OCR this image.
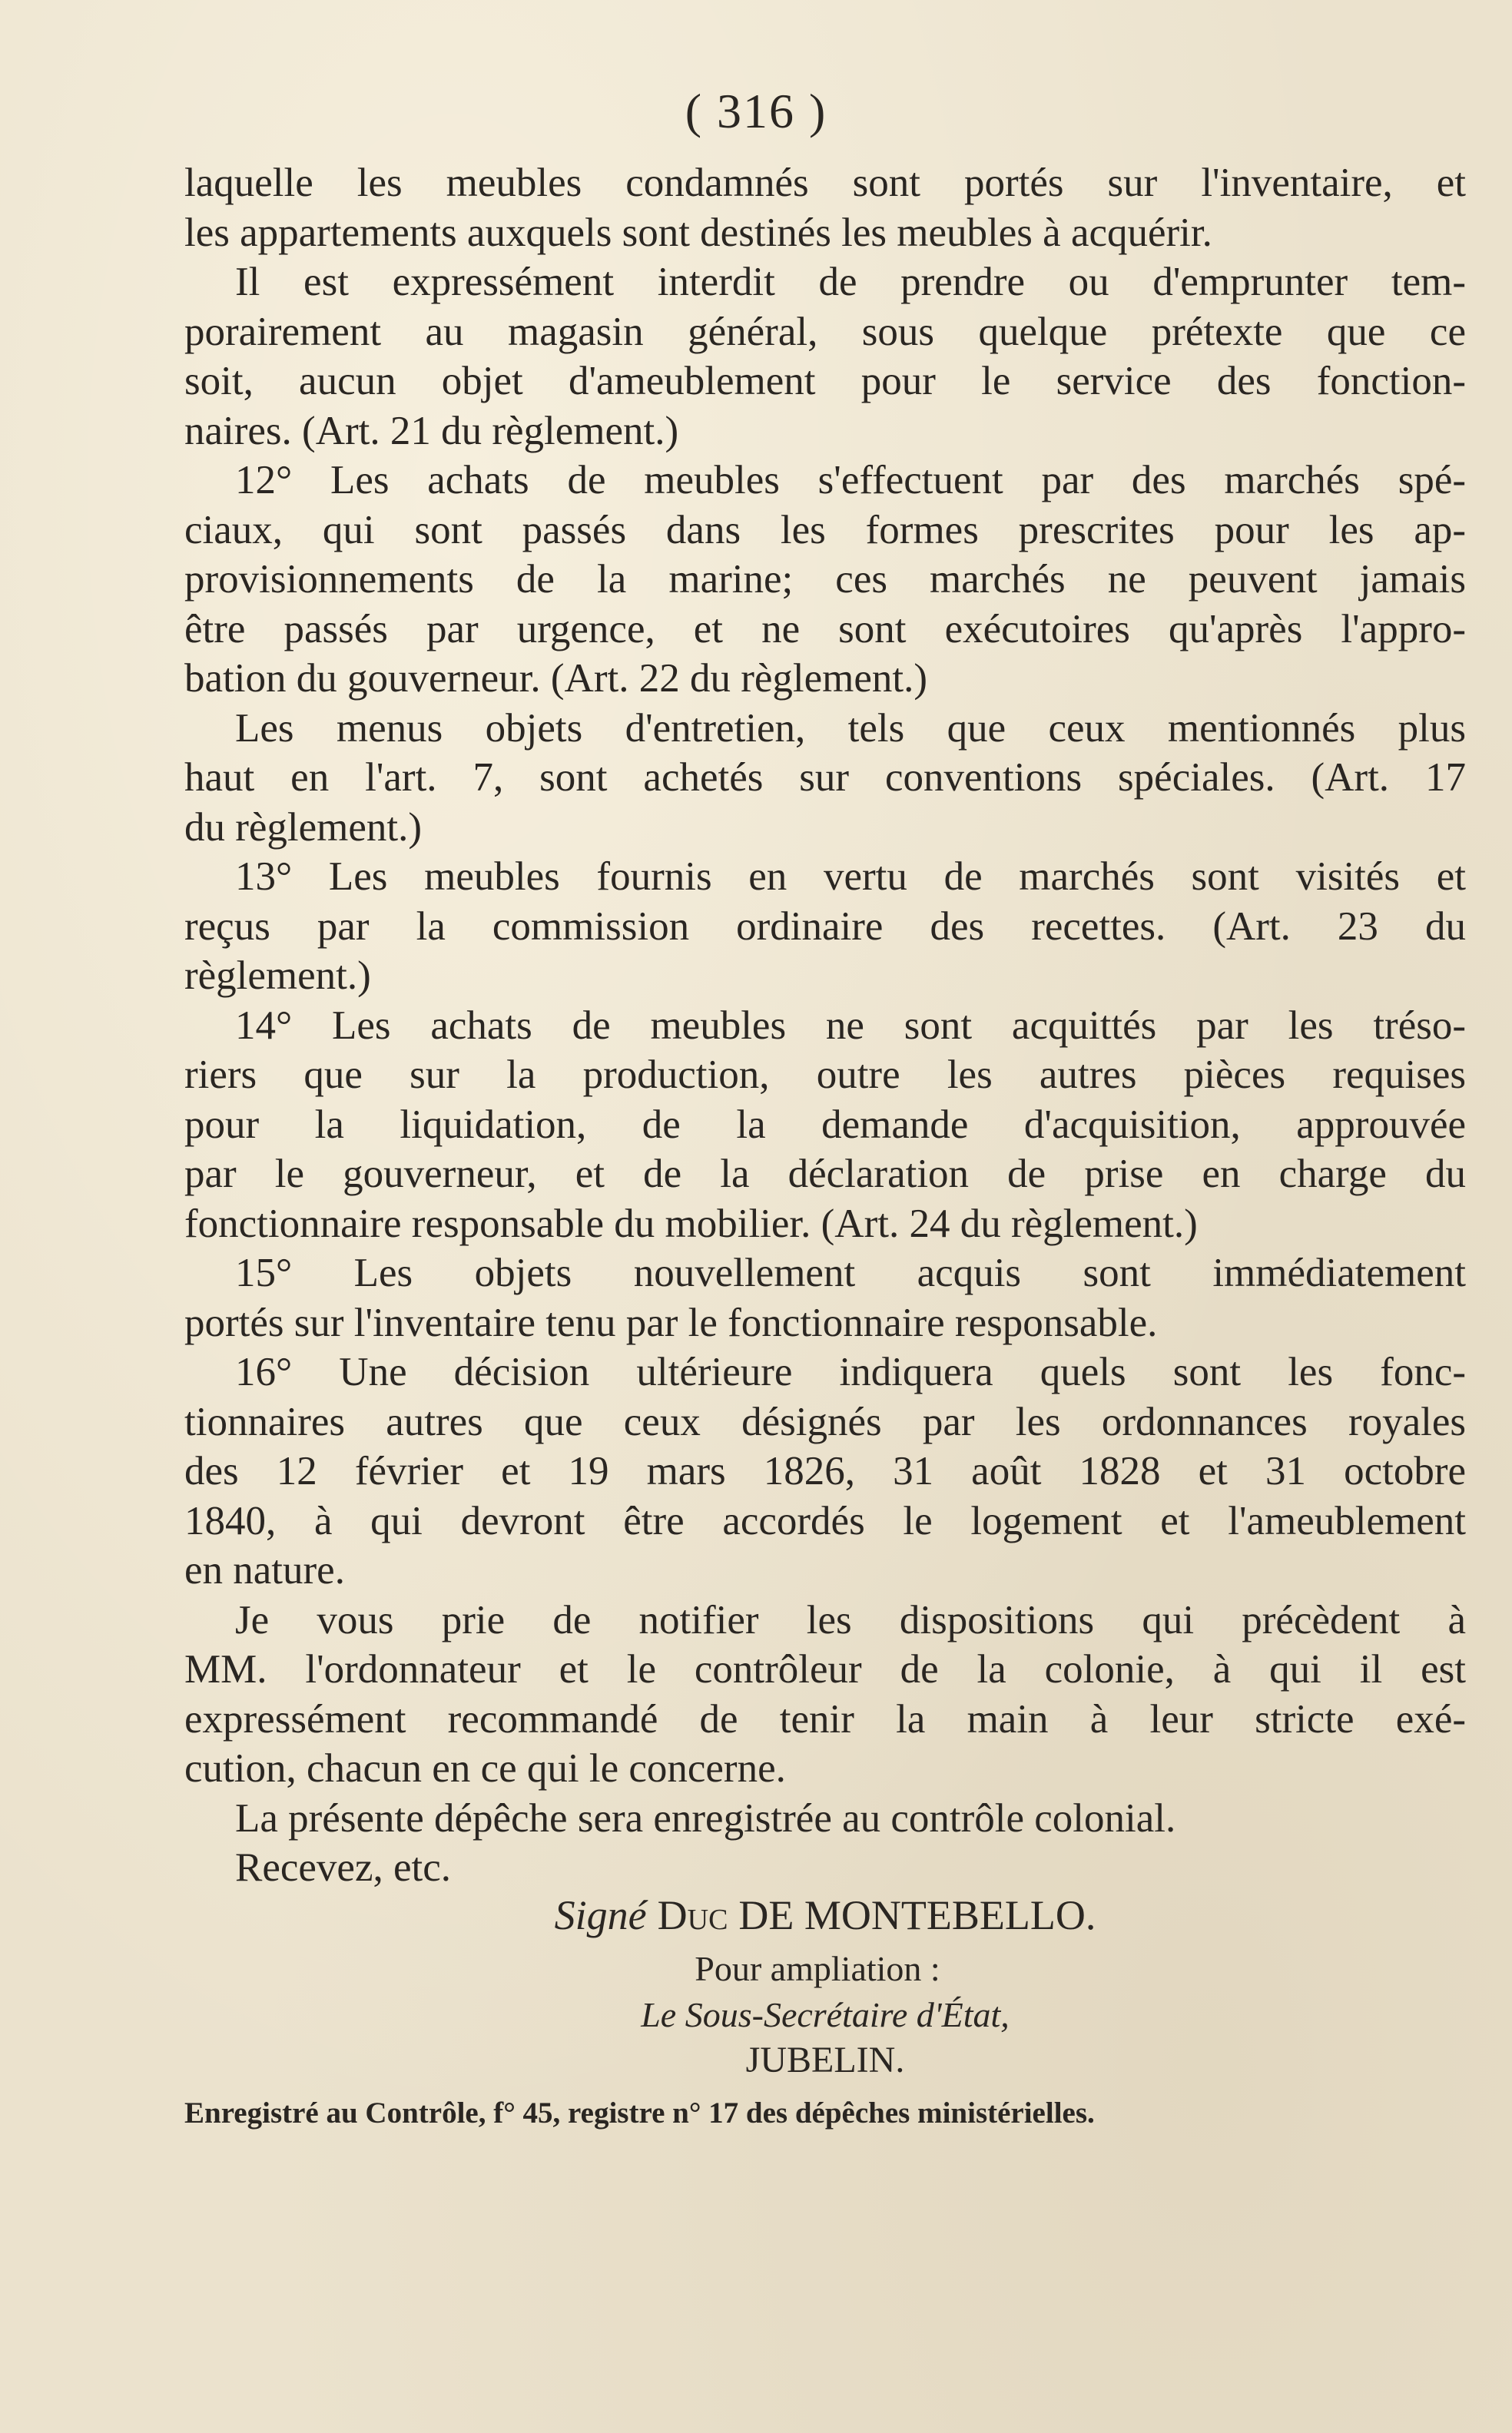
( 316 )
laquelle les meubles condamnés sont portés sur l'inventaire, et
les appartements auxquels sont destinés les meubles à acquérir.
Il est expressément interdit de prendre ou d'emprunter tem-
porairement au magasin général, sous quelque prétexte que ce
soit, aucun objet d'ameublement pour le service des fonction-
naires. (Art. 21 du règlement.)
12° Les achats de meubles s'effectuent par des marchés spé-
ciaux, qui sont passés dans les formes prescrites pour les ap-
provisionnements de la marine; ces marchés ne peuvent jamais
être passés par urgence, et ne sont exécutoires qu'après l'appro-
bation du gouverneur. (Art. 22 du règlement.)
Les menus objets d'entretien, tels que ceux mentionnés plus
haut en l'art. 7, sont achetés sur conventions spéciales. (Art. 17
du règlement.)
13° Les meubles fournis en vertu de marchés sont visités et
reçus par la commission ordinaire des recettes. (Art. 23 du
règlement.)
14° Les achats de meubles ne sont acquittés par les tréso-
riers que sur la production, outre les autres pièces requises
pour la liquidation, de la demande d'acquisition, approuvée
par le gouverneur, et de la déclaration de prise en charge du
fonctionnaire responsable du mobilier. (Art. 24 du règlement.)
15° Les objets nouvellement acquis sont immédiatement
portés sur l'inventaire tenu par le fonctionnaire responsable.
16° Une décision ultérieure indiquera quels sont les fonc-
tionnaires autres que ceux désignés par les ordonnances royales
des 12 février et 19 mars 1826, 31 août 1828 et 31 octobre
1840, à qui devront être accordés le logement et l'ameublement
en nature.
Je vous prie de notifier les dispositions qui précèdent à
MM. l'ordonnateur et le contrôleur de la colonie, à qui il est
expressément recommandé de tenir la main à leur stricte exé-
cution, chacun en ce qui le concerne.
La présente dépêche sera enregistrée au contrôle colonial.
Recevez, etc.
Signé Duc DE MONTEBELLO.
Pour ampliation :
Le Sous-Secrétaire d'État,
JUBELIN.
Enregistré au Contrôle, f° 45, registre n° 17 des dépêches ministérielles.
